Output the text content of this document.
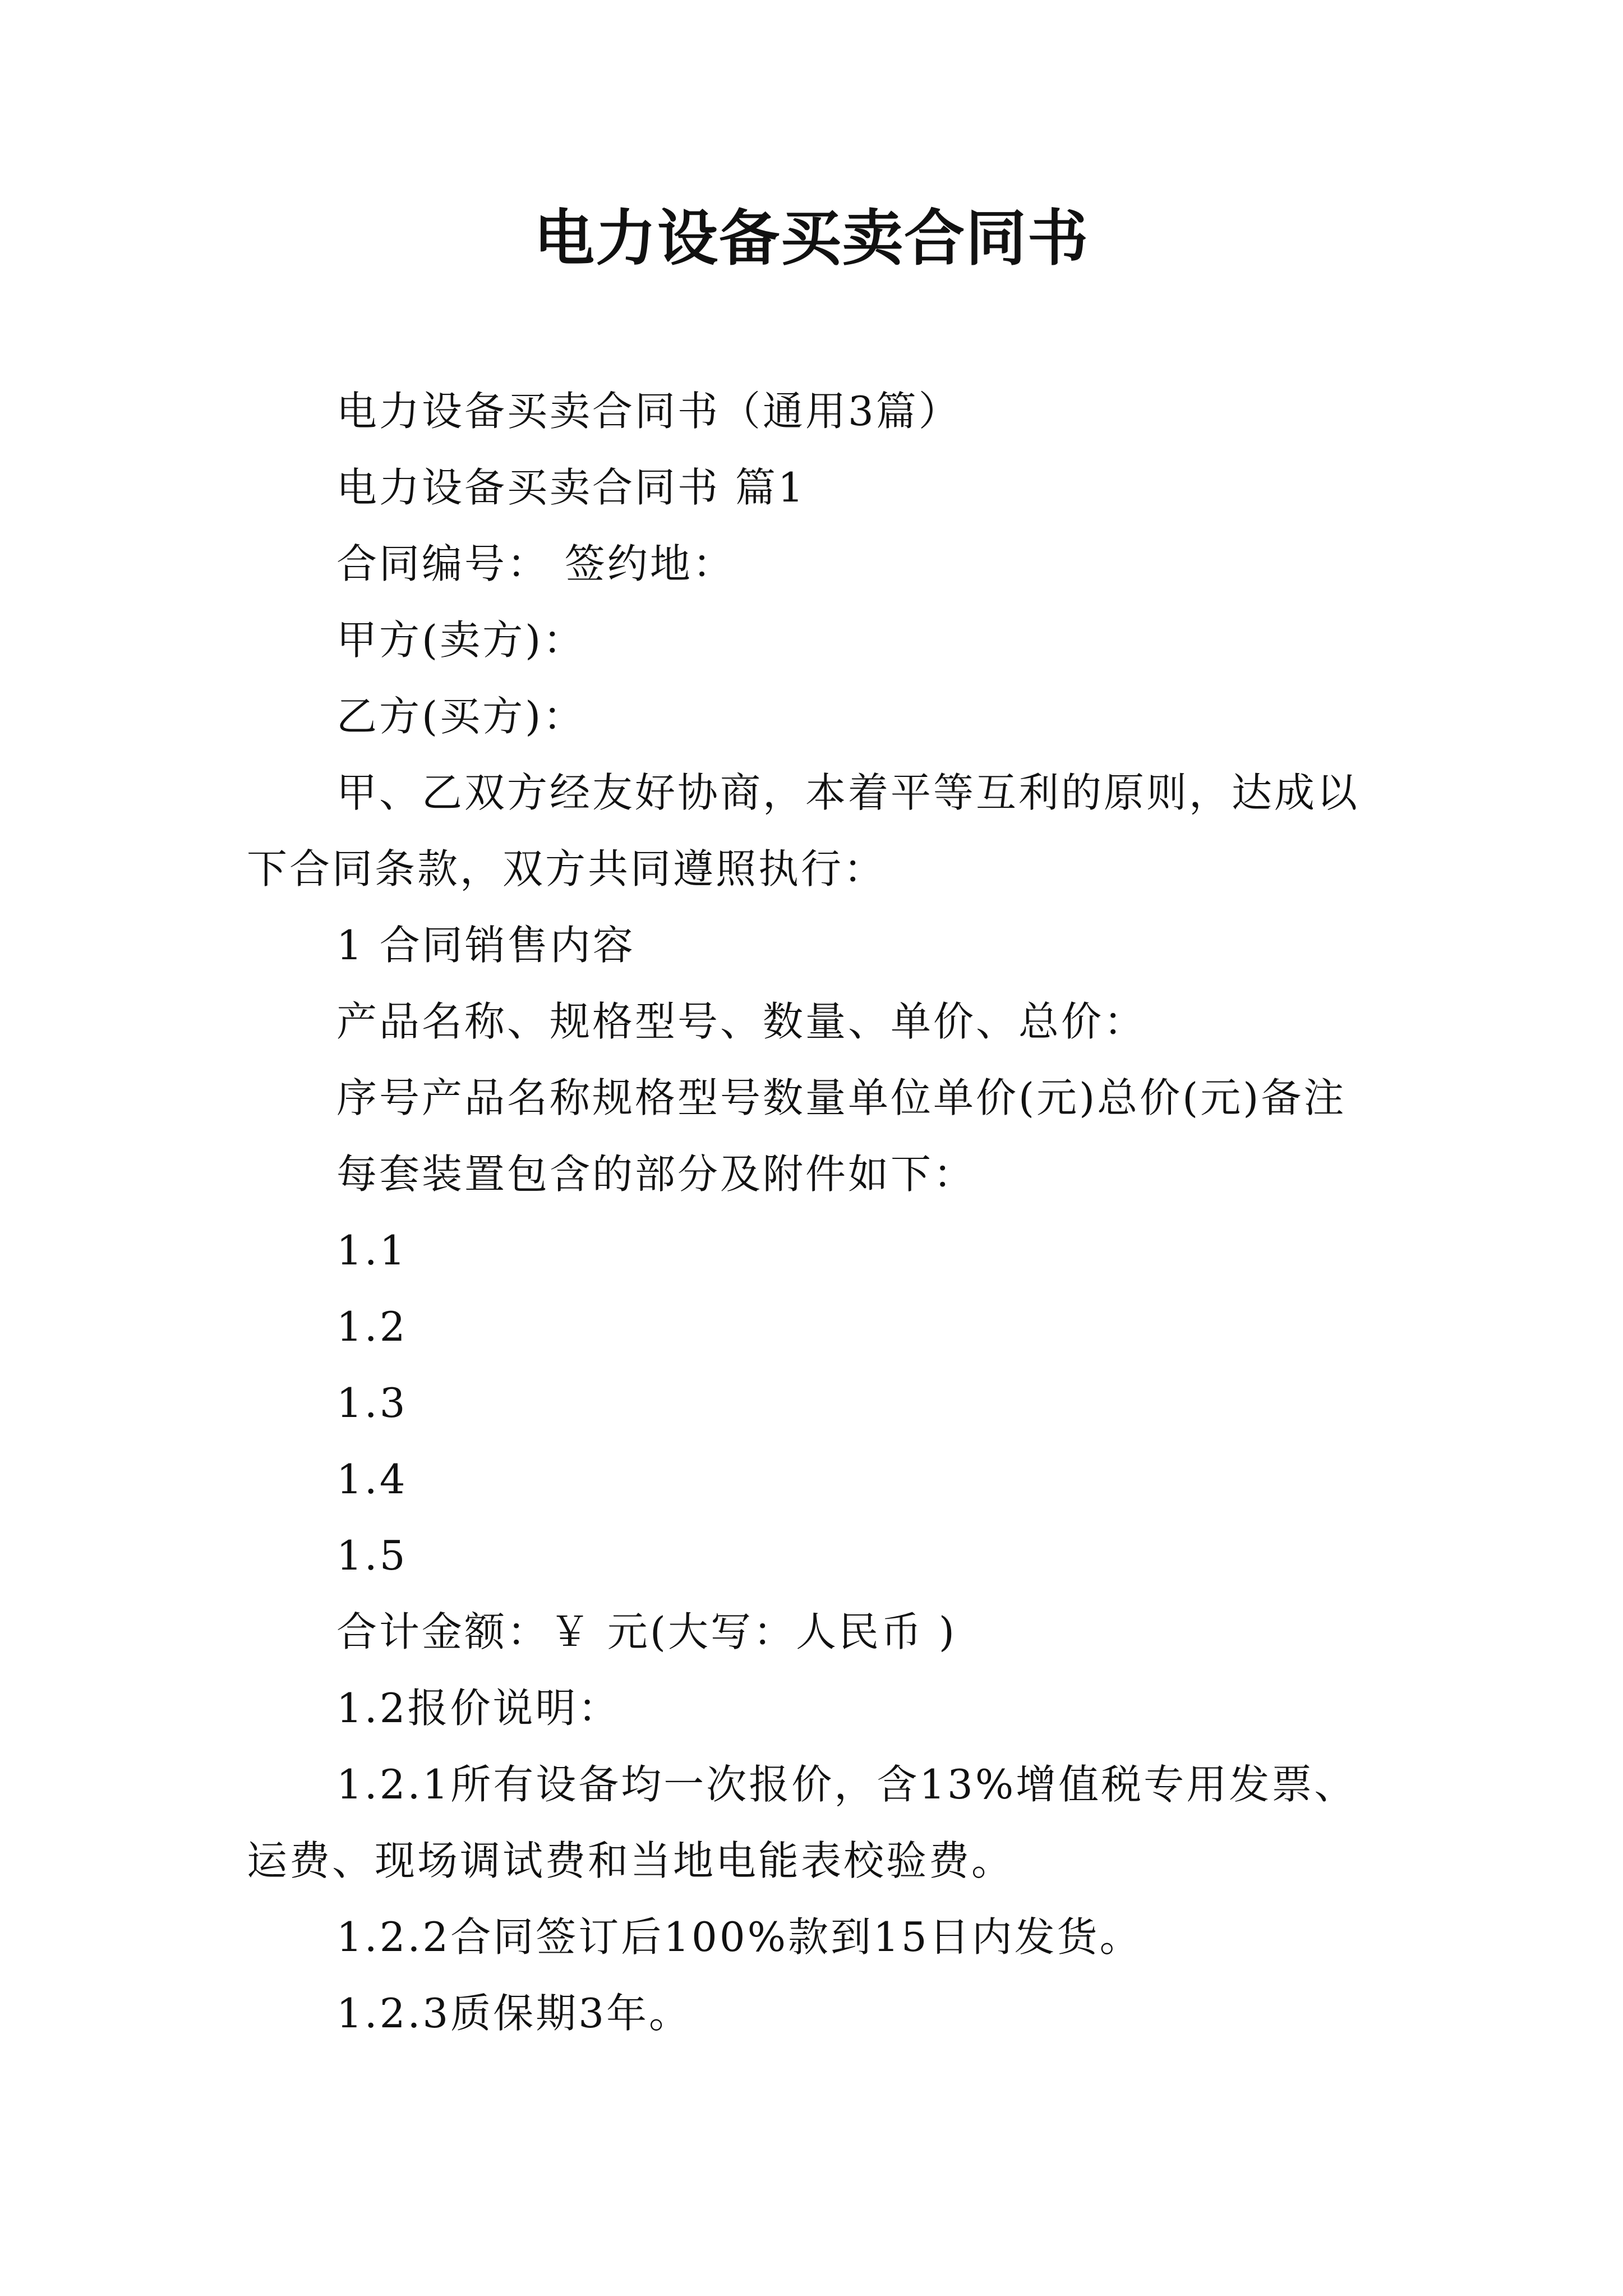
电力设备买卖合同书

电力设备买卖合同书（通用3篇）

电力设备买卖合同书 篇1

合同编号： 签约地：

甲方(卖方)：

乙方(买方)：

甲、乙双方经友好协商，本着平等互利的原则，达成以下合同条款，双方共同遵照执行：

1 合同销售内容

产品名称、规格型号、数量、单价、总价：

序号产品名称规格型号数量单位单价(元)总价(元)备注

每套装置包含的部分及附件如下：

1.1

1.2

1.3

1.4

1.5

合计金额：￥ 元(大写：人民币 )

1.2报价说明：

1.2.1所有设备均一次报价，含13%增值税专用发票、运费、现场调试费和当地电能表校验费。

1.2.2合同签订后100%款到15日内发货。

1.2.3质保期3年。
